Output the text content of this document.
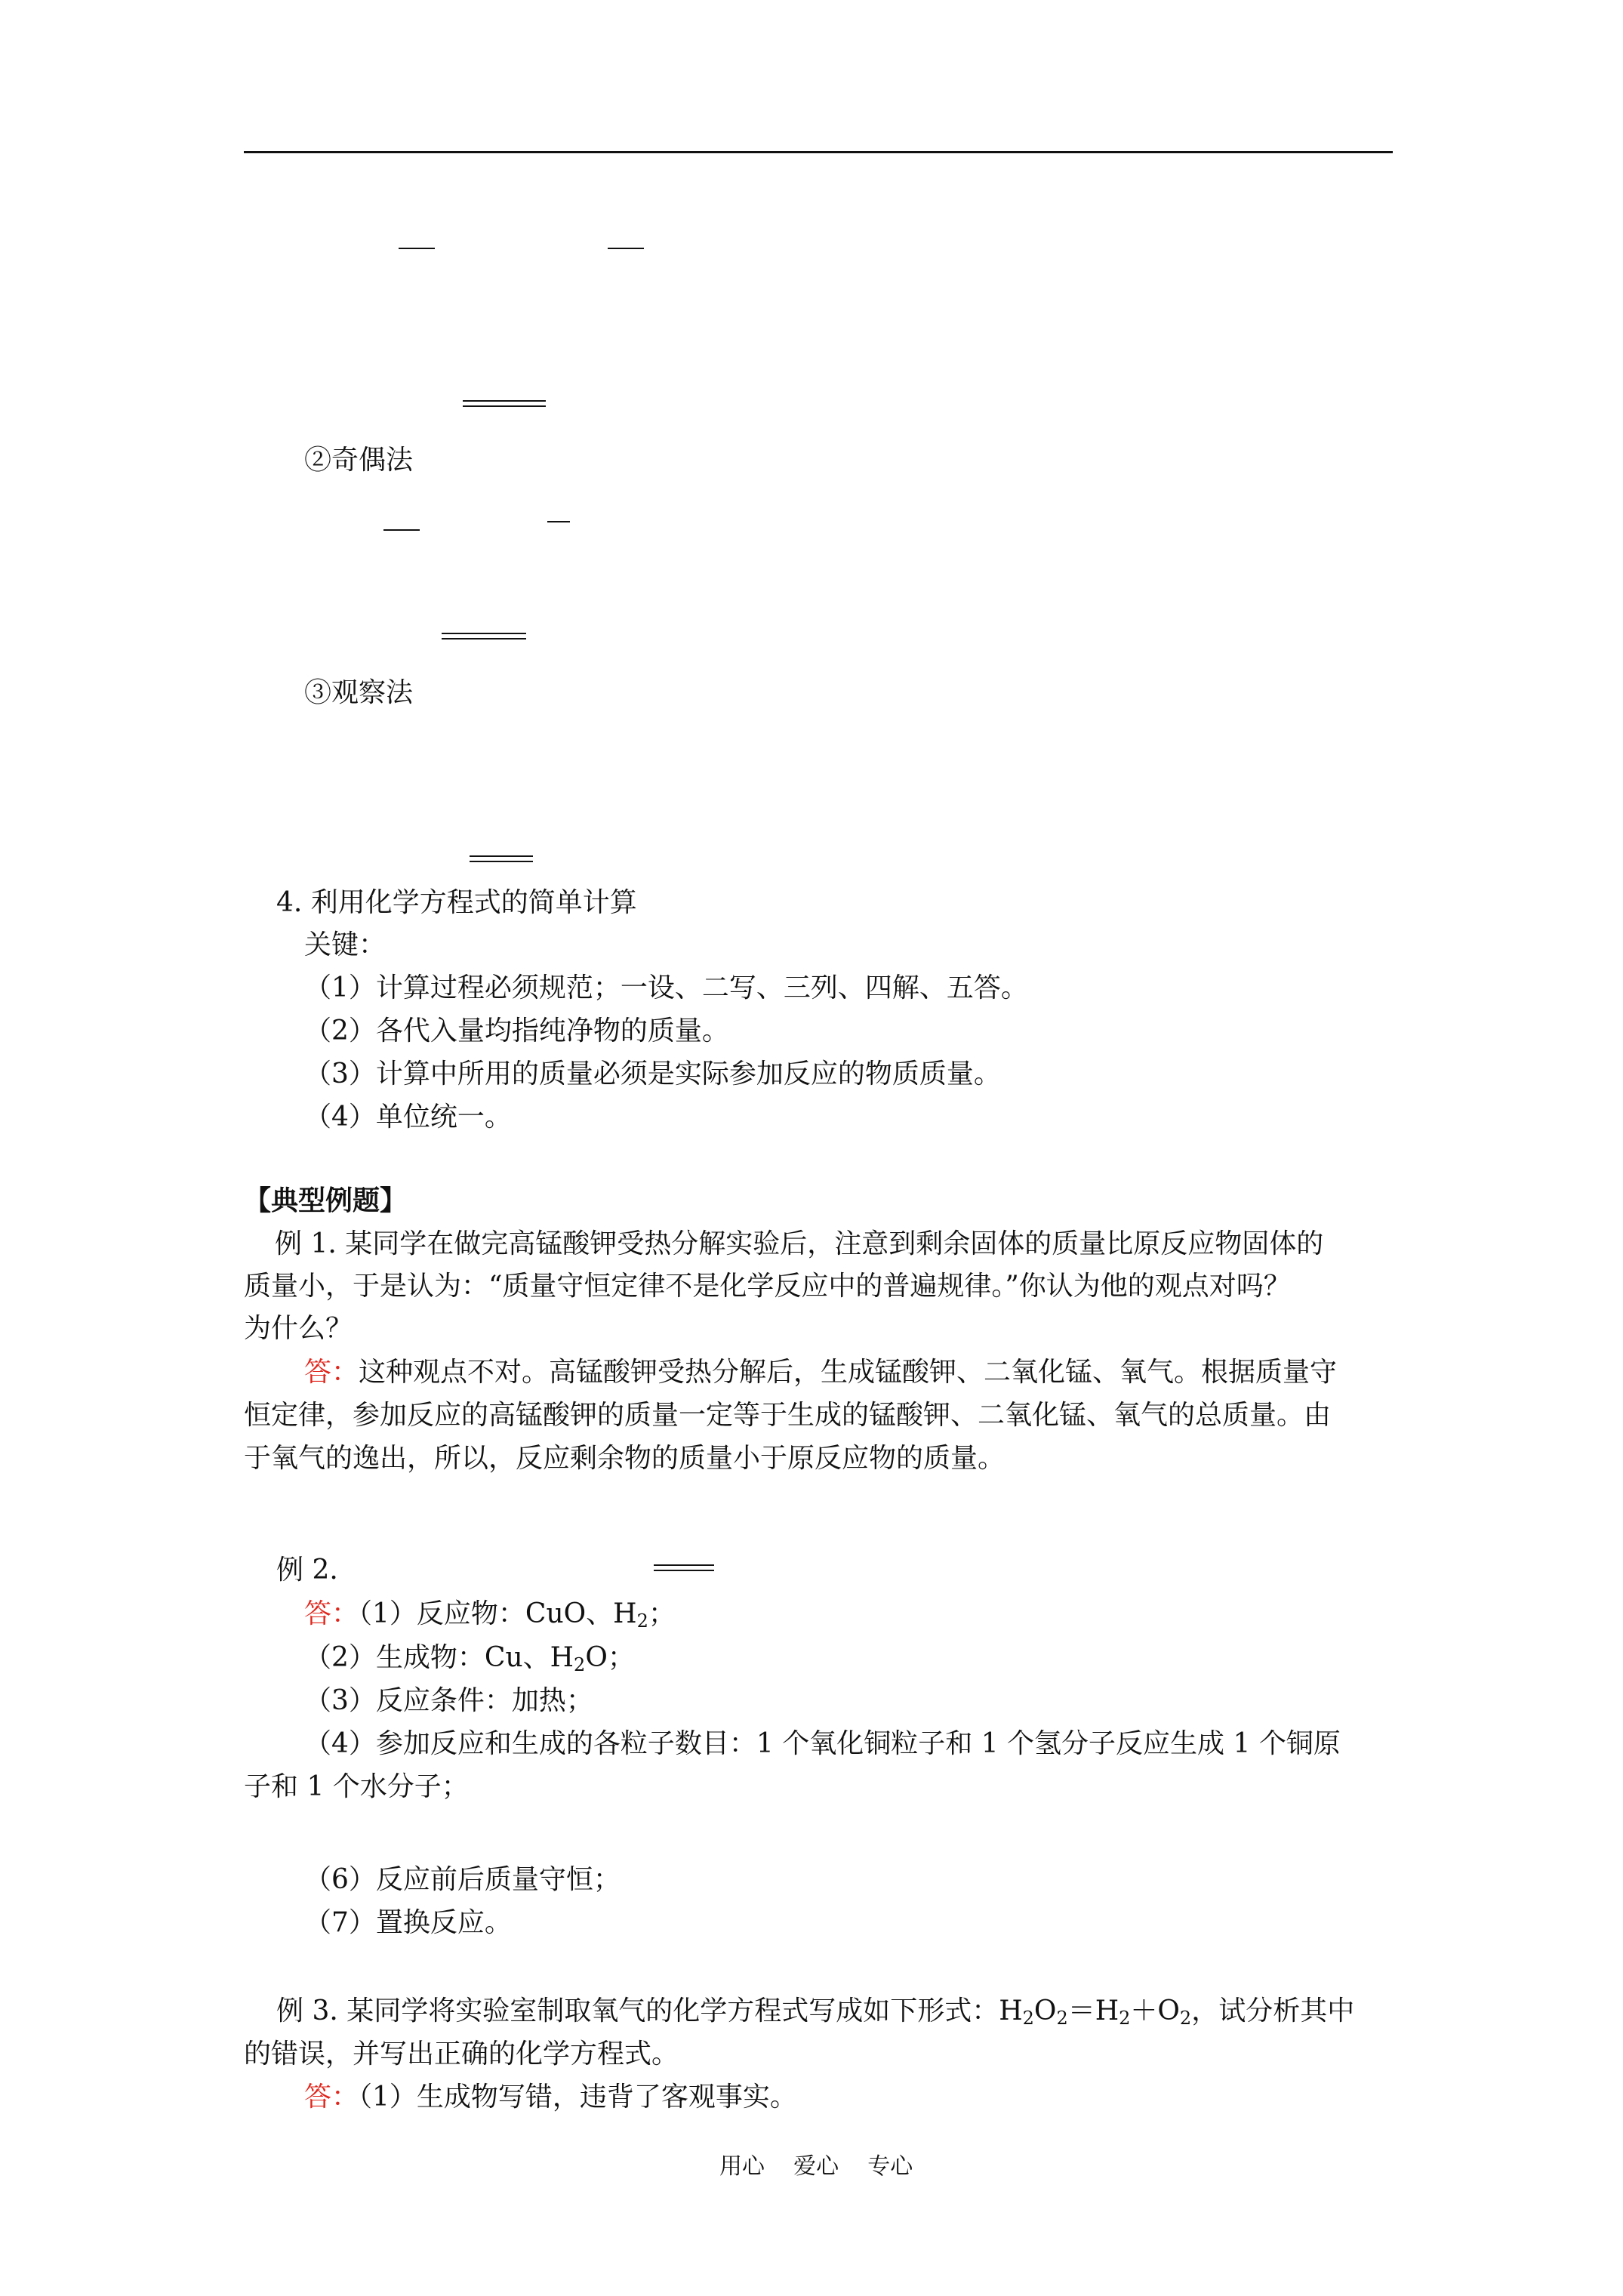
②奇偶法
③观察法
4. 利用化学方程式的简单计算
关键：
（1）计算过程必须规范；一设、二写、三列、四解、五答。
（2）各代入量均指纯净物的质量。
（3）计算中所用的质量必须是实际参加反应的物质质量。
（4）单位统一。
【典型例题】
例 1. 某同学在做完高锰酸钾受热分解实验后，注意到剩余固体的质量比原反应物固体的
质量小，于是认为：“质量守恒定律不是化学反应中的普遍规律。”你认为他的观点对吗？
为什么？
答：这种观点不对。高锰酸钾受热分解后，生成锰酸钾、二氧化锰、氧气。根据质量守
恒定律，参加反应的高锰酸钾的质量一定等于生成的锰酸钾、二氧化锰、氧气的总质量。由
于氧气的逸出，所以，反应剩余物的质量小于原反应物的质量。
例 2.
答：（1）反应物：CuO、$H_2$；
（2）生成物：Cu、$H_2O$；
（3）反应条件：加热；
（4）参加反应和生成的各粒子数目：1 个氧化铜粒子和 1 个氢分子反应生成 1 个铜原
子和 1 个水分子；
（6）反应前后质量守恒；
（7）置换反应。
例 3. 某同学将实验室制取氧气的化学方程式写成如下形式：$H_2O_2=H_2+O_2$，试分析其中
的错误，并写出正确的化学方程式。
答：（1）生成物写错，违背了客观事实。
用心    爱心    专心
